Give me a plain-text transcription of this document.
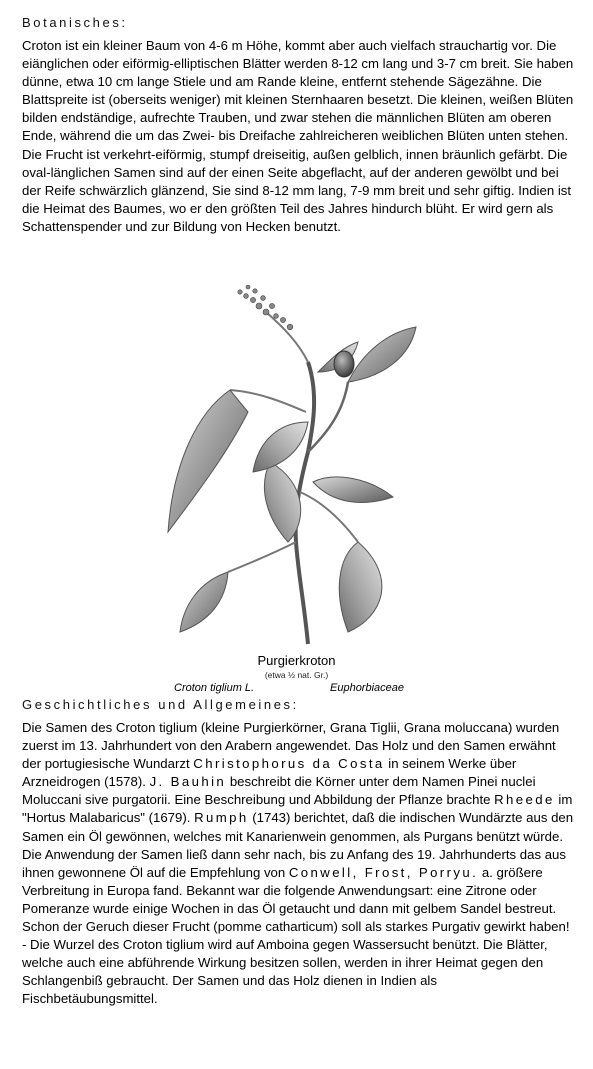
Botanisches:
Croton ist ein kleiner Baum von 4-6 m Höhe, kommt aber auch vielfach strauchartig vor. Die eiänglichen oder eiförmig-elliptischen Blätter werden 8-12 cm lang und 3-7 cm breit. Sie haben dünne, etwa 10 cm lange Stiele und am Rande kleine, entfernt stehende Sägezähne. Die Blattspreite ist (oberseits weniger) mit kleinen Sternhaaren besetzt. Die kleinen, weißen Blüten bilden endständige, aufrechte Trauben, und zwar stehen die männlichen Blüten am oberen Ende, während die um das Zwei- bis Dreifache zahlreicheren weiblichen Blüten unten stehen. Die Frucht ist verkehrt-eiförmig, stumpf dreiseitig, außen gelblich, innen bräunlich gefärbt. Die oval-länglichen Samen sind auf der einen Seite abgeflacht, auf der anderen gewölbt und bei der Reife schwärzlich glänzend, Sie sind 8-12 mm lang, 7-9 mm breit und sehr giftig. Indien ist die Heimat des Baumes, wo er den größten Teil des Jahres hindurch blüht. Er wird gern als Schattenspender und zur Bildung von Hecken benutzt.
Purgierkroton
(etwa ½ nat. Gr.)
Croton tiglium L.	Euphorbiaceae
Geschichtliches und Allgemeines:
Die Samen des Croton tiglium (kleine Purgierkörner, Grana Tiglii, Grana moluccana) wurden zuerst im 13. Jahrhundert von den Arabern angewendet. Das Holz und den Samen erwähnt der portugiesische Wundarzt Christophorus da Costa in seinem Werke über Arzneidrogen (1578). J. Bauhin beschreibt die Körner unter dem Namen Pinei nuclei Moluccani sive purgatorii. Eine Beschreibung und Abbildung der Pflanze brachte Rheede im "Hortus Malabaricus" (1679). Rumph (1743) berichtet, daß die indischen Wundärzte aus den Samen ein Öl gewönnen, welches mit Kanarienwein genommen, als Purgans benützt würde. Die Anwendung der Samen ließ dann sehr nach, bis zu Anfang des 19. Jahrhunderts das aus ihnen gewonnene Öl auf die Empfehlung von Conwell, Frost, Porryu. a. größere Verbreitung in Europa fand. Bekannt war die folgende Anwendungsart: eine Zitrone oder Pomeranze wurde einige Wochen in das Öl getaucht und dann mit gelbem Sandel bestreut. Schon der Geruch dieser Frucht (pomme catharticum) soll als starkes Purgativ gewirkt haben! - Die Wurzel des Croton tiglium wird auf Amboina gegen Wassersucht benützt. Die Blätter, welche auch eine abführende Wirkung besitzen sollen, werden in ihrer Heimat gegen den Schlangenbiß gebraucht. Der Samen und das Holz dienen in Indien als Fischbetäubungsmittel.
